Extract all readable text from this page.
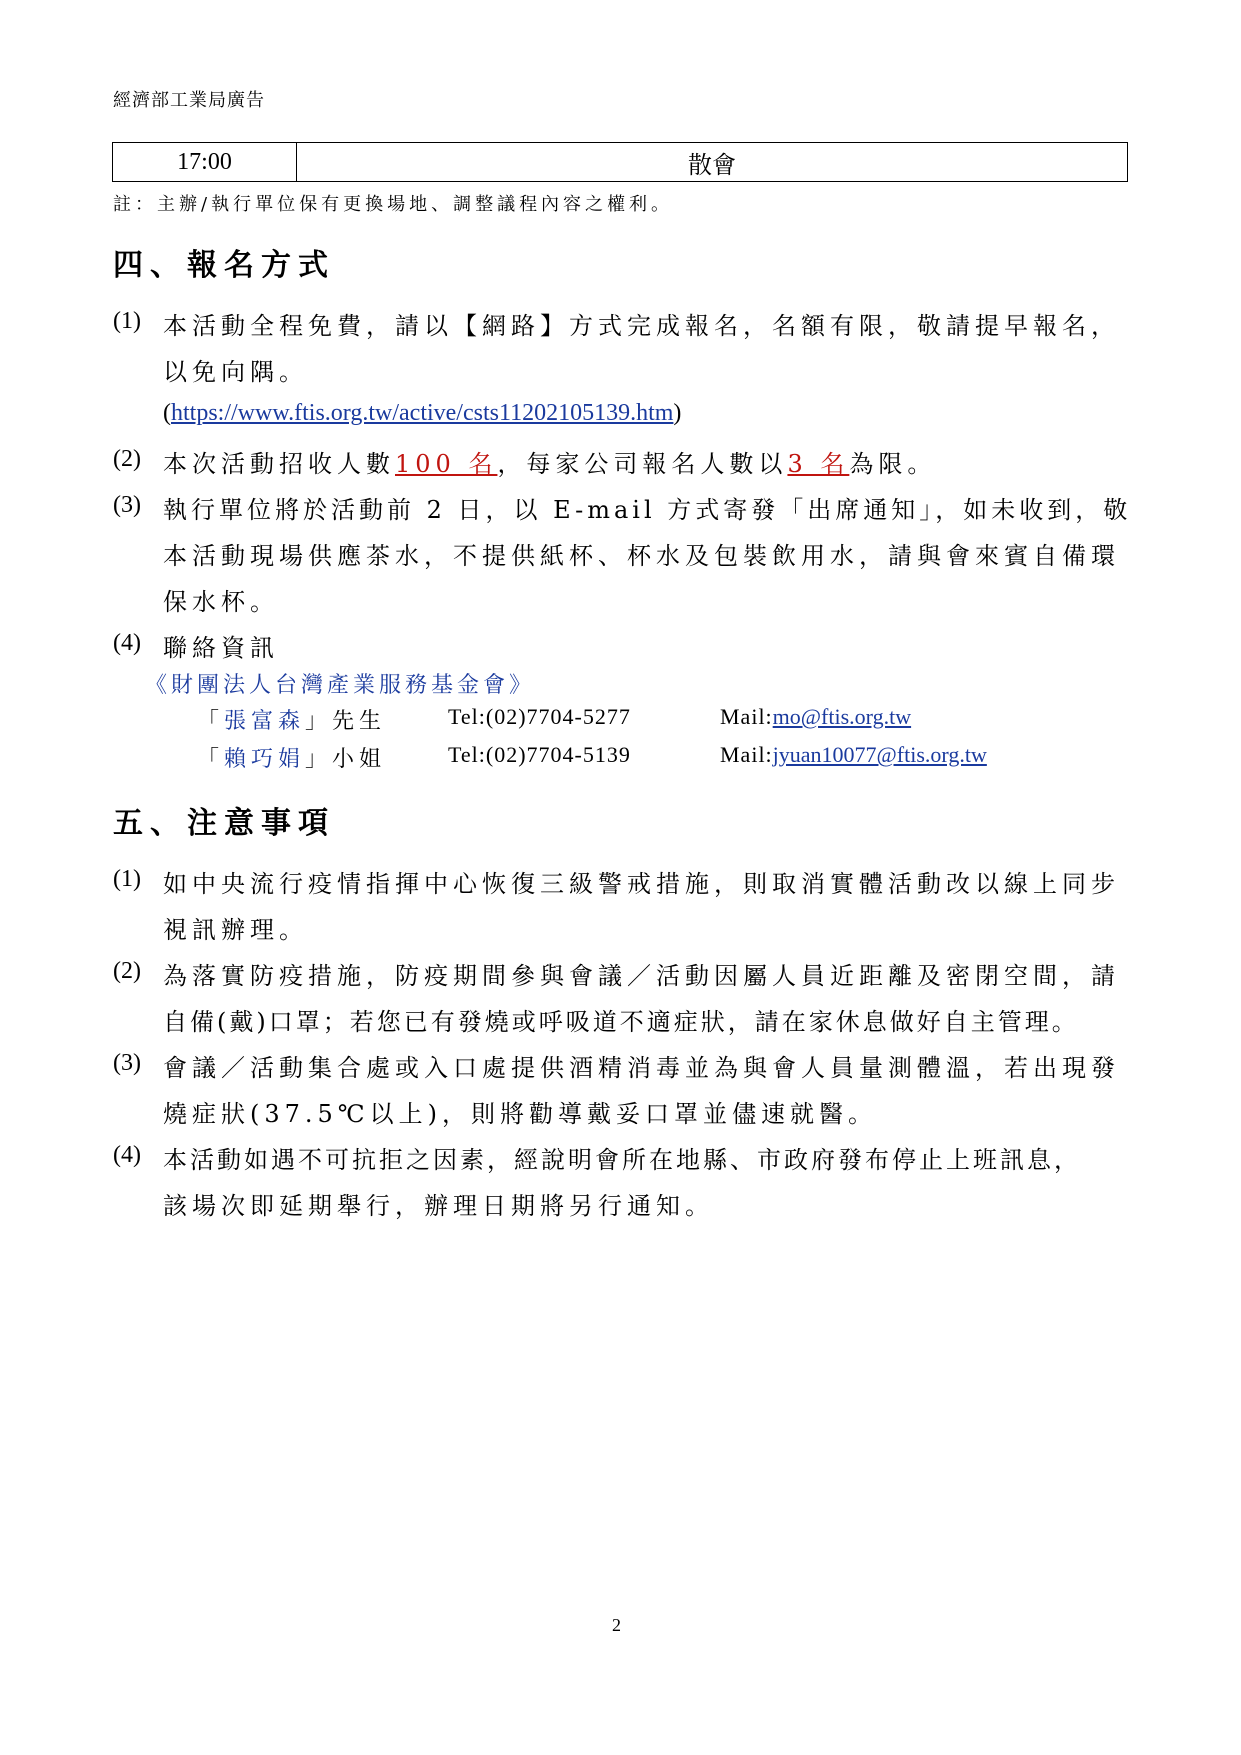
經濟部工業局廣告
17:00	散會
註：主辦/執行單位保有更換場地、調整議程內容之權利。
四、報名方式
(1) 本活動全程免費，請以【網路】方式完成報名，名額有限，敬請提早報名，
以免向隅。
(https://www.ftis.org.tw/active/csts11202105139.htm)
(2) 本次活動招收人數100 名，每家公司報名人數以3 名為限。
(3) 執行單位將於活動前 2 日，以 E-mail 方式寄發「出席通知」，如未收到，敬
本活動現場供應茶水，不提供紙杯、杯水及包裝飲用水，請與會來賓自備環
保水杯。
(4) 聯絡資訊
《財團法人台灣產業服務基金會》
「張富森」先生	Tel:(02)7704-5277	Mail:mo@ftis.org.tw
「賴巧娟」小姐	Tel:(02)7704-5139	Mail:jyuan10077@ftis.org.tw
五、注意事項
(1) 如中央流行疫情指揮中心恢復三級警戒措施，則取消實體活動改以線上同步
視訊辦理。
(2) 為落實防疫措施，防疫期間參與會議／活動因屬人員近距離及密閉空間，請
自備(戴)口罩；若您已有發燒或呼吸道不適症狀，請在家休息做好自主管理。
(3) 會議／活動集合處或入口處提供酒精消毒並為與會人員量測體溫，若出現發
燒症狀(37.5℃以上)，則將勸導戴妥口罩並儘速就醫。
(4) 本活動如遇不可抗拒之因素，經說明會所在地縣、市政府發布停止上班訊息，
該場次即延期舉行，辦理日期將另行通知。
2
